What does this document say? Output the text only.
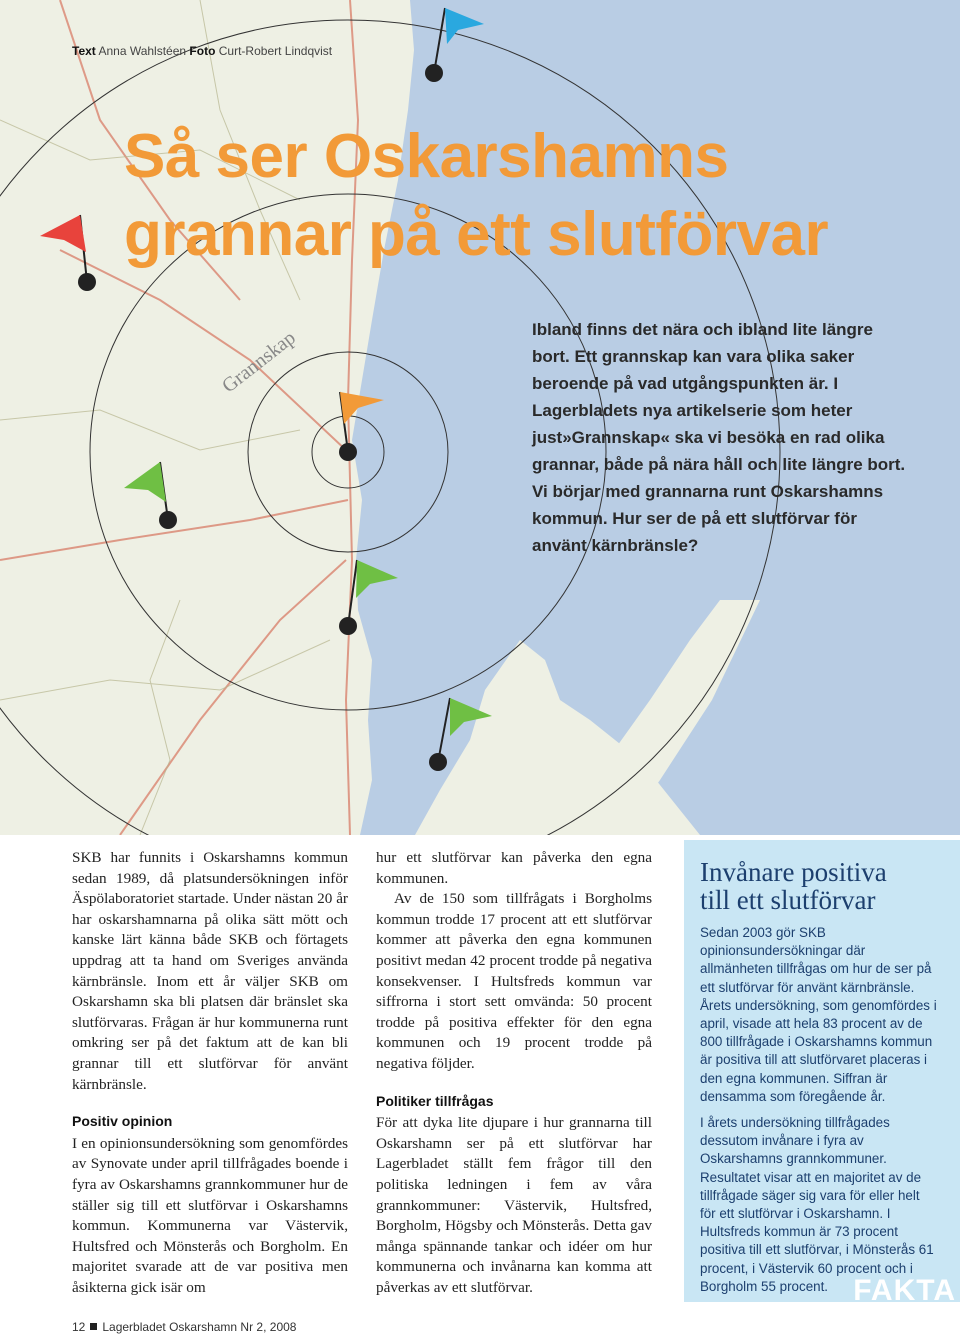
Text Anna Wahlstéen Foto Curt-Robert Lindqvist
Så ser Oskarshamns
grannar på ett slutförvar
Grannskap	Ibland finns det nära och ibland lite längre bort. Ett grannskap kan vara olika saker beroende på vad utgångspunkten är. I Lagerbladets nya artikelserie som heter just»Grannskap« ska vi besöka en rad olika grannar, både på nära håll och lite längre bort. Vi börjar med grannarna runt Oskarshamns kommun. Hur ser de på ett slutförvar för använt kärnbränsle?

SKB har funnits i Oskarshamns kommun sedan 1989, då platsundersökningen inför Äspölaboratoriet startade. Under nästan 20 år har oskarshamnarna på olika sätt mött och kanske lärt känna både SKB och förtagets uppdrag att ta hand om Sveriges använda kärnbränsle. Inom ett år väljer SKB om Oskarshamn ska bli platsen där bränslet ska slutförvaras. Frågan är hur kommunerna runt omkring ser på det faktum att de kan bli grannar till ett slutförvar för använt kärnbränsle.

Positiv opinion

I en opinionsundersökning som genomfördes av Synovate under april tillfrågades boende i fyra av Oskarshamns grannkommuner hur de ställer sig till ett slutförvar i Oskarshamns kommun. Kommunerna var Västervik, Hultsfred och Mönsterås och Borgholm. En majoritet svarade att de var positiva men åsikterna gick isär om

hur ett slutförvar kan påverka den egna kommunen.

Av de 150 som tillfrågats i Borgholms kommun trodde 17 procent att ett slutförvar kommer att påverka den egna kommunen positivt medan 42 procent trodde på negativa konsekvenser. I Hultsfreds kommun var siffrorna i stort sett omvända: 50 procent trodde på positiva effekter för den egna kommunen och 19 procent trodde på negativa följder.

Politiker tillfrågas

För att dyka lite djupare i hur grannarna till Oskarshamn ser på ett slutförvar har Lagerbladet ställt fem frågor till den politiska ledningen i fem av våra grannkommuner: Västervik, Hultsfred, Borgholm, Högsby och Mönsterås. Detta gav många spännande tankar och idéer om hur kommunerna och invånarna kan komma att påverkas av ett slutförvar.

Invånare positiva
till ett slutförvar

Sedan 2003 gör SKB opinionsundersökningar där allmänheten tillfrågas om hur de ser på ett slutförvar för använt kärnbränsle. Årets undersökning, som genomfördes i april, visade att hela 83 procent av de 800 tillfrågade i Oskarshamns kommun är positiva till att slutförvaret placeras i den egna kommunen. Siffran är densamma som föregående år.

I årets undersökning tillfrågades dessutom invånare i fyra av Oskarshamns grannkommuner. Resultatet visar att en majoritet av de tillfrågade säger sig vara för eller helt för ett slutförvar i Oskarshamn. I Hultsfreds kommun är 73 procent positiva till ett slutförvar, i Mönsterås 61 procent, i Västervik 60 procent och i Borgholm 55 procent. FAKTA
12 Lagerbladet Oskarshamn Nr 2, 2008
